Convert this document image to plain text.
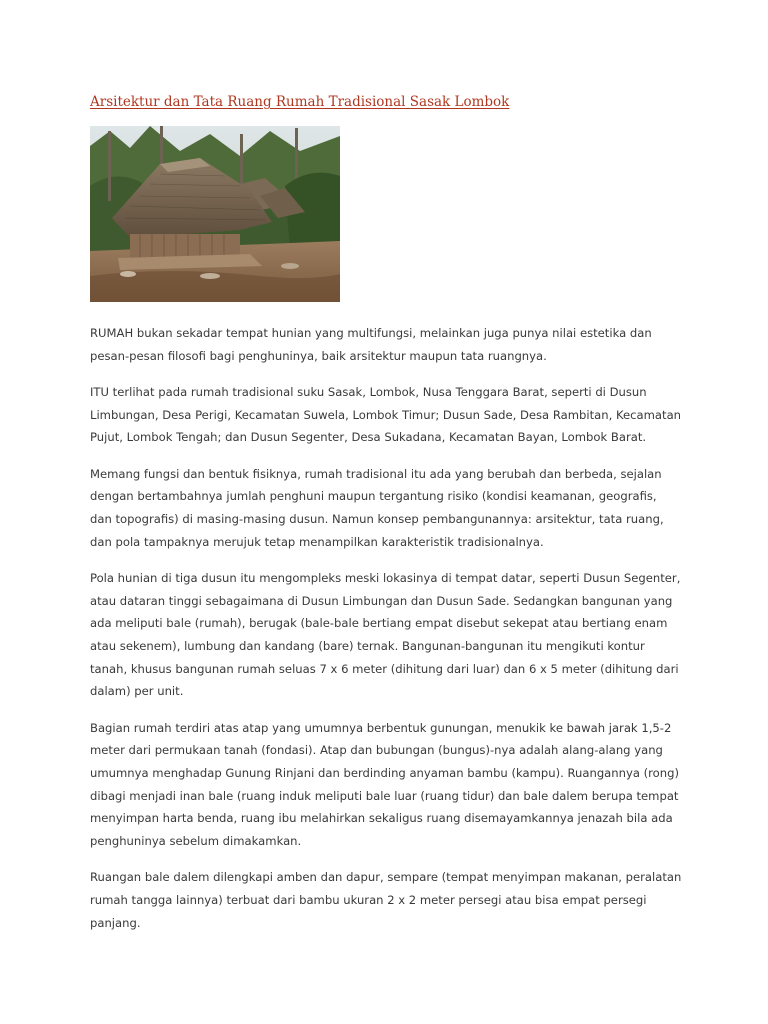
Arsitektur dan Tata Ruang Rumah Tradisional Sasak Lombok

RUMAH bukan sekadar tempat hunian yang multifungsi, melainkan juga punya nilai estetika dan pesan-pesan filosofi bagi penghuninya, baik arsitektur maupun tata ruangnya.

ITU terlihat pada rumah tradisional suku Sasak, Lombok, Nusa Tenggara Barat, seperti di Dusun Limbungan, Desa Perigi, Kecamatan Suwela, Lombok Timur; Dusun Sade, Desa Rambitan, Kecamatan Pujut, Lombok Tengah; dan Dusun Segenter, Desa Sukadana, Kecamatan Bayan, Lombok Barat.

Memang fungsi dan bentuk fisiknya, rumah tradisional itu ada yang berubah dan berbeda, sejalan dengan bertambahnya jumlah penghuni maupun tergantung risiko (kondisi keamanan, geografis, dan topografis) di masing-masing dusun. Namun konsep pembangunannya: arsitektur, tata ruang, dan pola tampaknya merujuk tetap menampilkan karakteristik tradisionalnya.

Pola hunian di tiga dusun itu mengompleks meski lokasinya di tempat datar, seperti Dusun Segenter, atau dataran tinggi sebagaimana di Dusun Limbungan dan Dusun Sade. Sedangkan bangunan yang ada meliputi bale (rumah), berugak (bale-bale bertiang empat disebut sekepat atau bertiang enam atau sekenem), lumbung dan kandang (bare) ternak. Bangunan-bangunan itu mengikuti kontur tanah, khusus bangunan rumah seluas 7 x 6 meter (dihitung dari luar) dan 6 x 5 meter (dihitung dari dalam) per unit.

Bagian rumah terdiri atas atap yang umumnya berbentuk gunungan, menukik ke bawah jarak 1,5-2 meter dari permukaan tanah (fondasi). Atap dan bubungan (bungus)-nya adalah alang-alang yang umumnya menghadap Gunung Rinjani dan berdinding anyaman bambu (kampu). Ruangannya (rong) dibagi menjadi inan bale (ruang induk meliputi bale luar (ruang tidur) dan bale dalem berupa tempat menyimpan harta benda, ruang ibu melahirkan sekaligus ruang disemayamkannya jenazah bila ada penghuninya sebelum dimakamkan.

Ruangan bale dalem dilengkapi amben dan dapur, sempare (tempat menyimpan makanan, peralatan rumah tangga lainnya) terbuat dari bambu ukuran 2 x 2 meter persegi atau bisa empat persegi panjang.
